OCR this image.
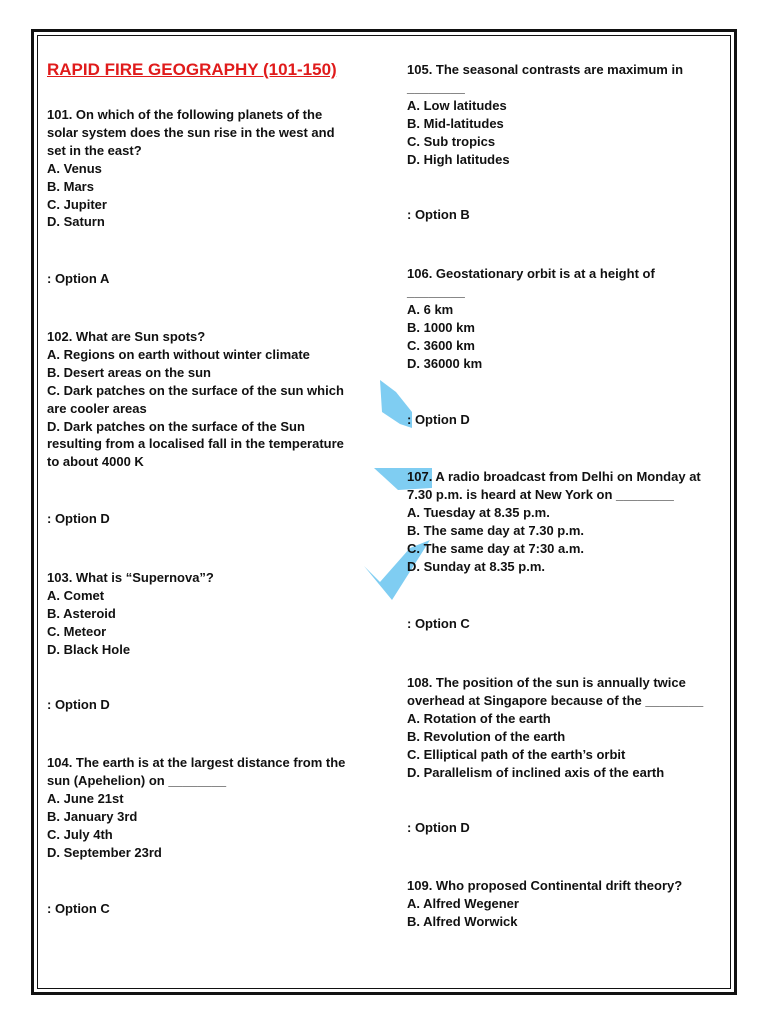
RAPID FIRE GEOGRAPHY (101-150)
101. On which of the following planets of the
solar system does the sun rise in the west and
set in the east?
A. Venus
B. Mars
C. Jupiter
D. Saturn
: Option A
102. What are Sun spots?
A. Regions on earth without winter climate
B. Desert areas on the sun
C. Dark patches on the surface of the sun which
are cooler areas
D. Dark patches on the surface of the Sun
resulting from a localised fall in the temperature
to about 4000 K
: Option D
103. What is “Supernova”?
A. Comet
B. Asteroid
C. Meteor
D. Black Hole
: Option D
104. The earth is at the largest distance from the
sun (Apehelion) on ________
A. June 21st
B. January 3rd
C. July 4th
D. September 23rd
: Option C
105. The seasonal contrasts are maximum in
________
A. Low latitudes
B. Mid-latitudes
C. Sub tropics
D. High latitudes
: Option B
106. Geostationary orbit is at a height of
________
A. 6 km
B. 1000 km
C. 3600 km
D. 36000 km
: Option D
107. A radio broadcast from Delhi on Monday at
7.30 p.m. is heard at New York on ________
A. Tuesday at 8.35 p.m.
B. The same day at 7.30 p.m.
C. The same day at 7:30 a.m.
D. Sunday at 8.35 p.m.
: Option C
108. The position of the sun is annually twice
overhead at Singapore because of the ________
A. Rotation of the earth
B. Revolution of the earth
C. Elliptical path of the earth’s orbit
D. Parallelism of inclined axis of the earth
: Option D
109. Who proposed Continental drift theory?
A. Alfred Wegener
B. Alfred Worwick
